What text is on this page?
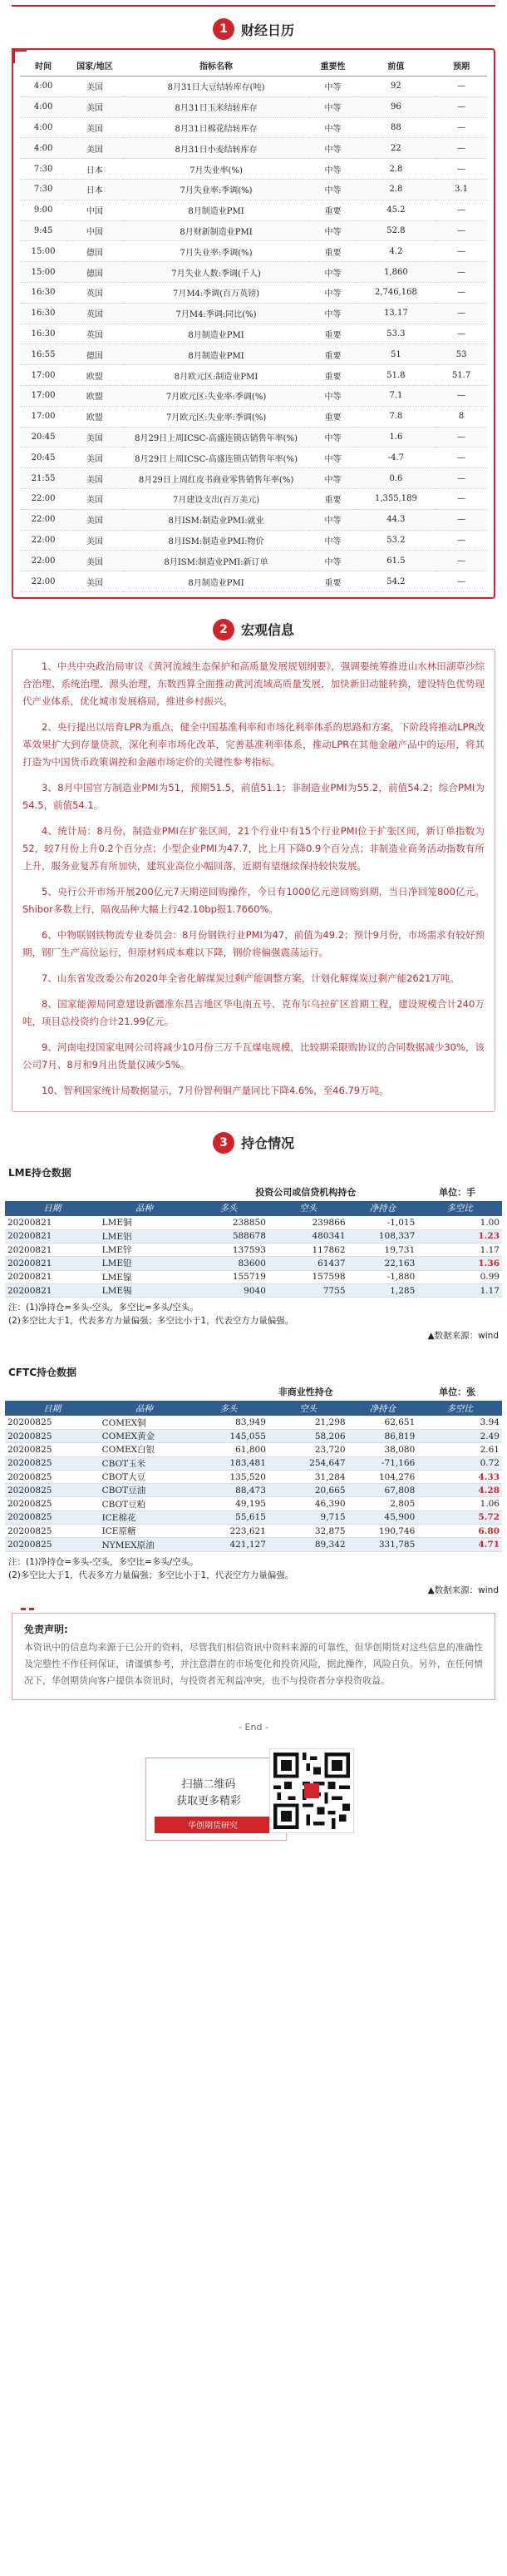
1	财经日历
时间	国家/地区	指标名称	重要性	前值	预期
4:00	美国	8月31日大豆结转库存(吨)	中等	92	—
4:00	美国	8月31日玉米结转库存	中等	96	—
4:00	美国	8月31日棉花结转库存	中等	88	—
4:00	美国	8月31日小麦结转库存	中等	22	—
7:30	日本	7月失业率(%)	中等	2.8	—
7:30	日本	7月失业率:季调(%)	中等	2.8	3.1
9:00	中国	8月制造业PMI	重要	45.2	—
9:45	中国	8月财新制造业PMI	中等	52.8	—
15:00	德国	7月失业率:季调(%)	重要	4.2	—
15:00	德国	7月失业人数:季调(千人)	中等	1,860	—
16:30	英国	7月M4:季调(百万英镑)	中等	2,746,168	—
16:30	英国	7月M4:季调:同比(%)	中等	13.17	—
16:30	英国	8月制造业PMI	重要	53.3	—
16:55	德国	8月制造业PMI	重要	51	53
17:00	欧盟	8月欧元区:制造业PMI	重要	51.8	51.7
17:00	欧盟	7月欧元区:失业率:季调(%)	中等	7.1	—
17:00	欧盟	7月欧元区:失业率:季调(%)	重要	7.8	8
20:45	美国	8月29日上周ICSC-高盛连锁店销售年率(%)	中等	1.6	—
20:45	美国	8月29日上周ICSC-高盛连锁店销售年率(%)	中等	-4.7	—
21:55	美国	8月29日上周红皮书商业零售销售年率(%)	中等	0.6	—
22:00	美国	7月建设支出(百万美元)	重要	1,355,189	—
22:00	美国	8月ISM:制造业PMI:就业	中等	44.3	—
22:00	美国	8月ISM:制造业PMI:物价	中等	53.2	—
22:00	美国	8月ISM:制造业PMI:新订单	中等	61.5	—
22:00	美国	8月制造业PMI	重要	54.2	—
2	宏观信息

1、中共中央政治局审议《黄河流域生态保护和高质量发展规划纲要》，强调要统筹推进山水林田湖草沙综合治理、系统治理、源头治理，东数西算全面推动黄河流域高质量发展，加快新旧动能转换，建设特色优势现代产业体系，优化城市发展格局，推进乡村振兴。

2、央行提出以培育LPR为重点，健全中国基准利率和市场化利率体系的思路和方案，下阶段将推动LPR改革效果扩大到存量贷款，深化利率市场化改革，完善基准利率体系，推动LPR在其他金融产品中的运用，将其打造为中国货币政策调控和金融市场定价的关键性参考指标。

3、8月中国官方制造业PMI为51，预期51.5，前值51.1；非制造业PMI为55.2，前值54.2；综合PMI为54.5，前值54.1。

4、统计局：8月份，制造业PMI在扩张区间，21个行业中有15个行业PMI位于扩张区间，新订单指数为52，较7月份上升0.2个百分点；小型企业PMI为47.7，比上月下降0.9个百分点；非制造业商务活动指数有所上升，服务业复苏有所加快，建筑业高位小幅回落，近期有望继续保持较快发展。

5、央行公开市场开展200亿元7天期逆回购操作，今日有1000亿元逆回购到期，当日净回笼800亿元。Shibor多数上行，隔夜品种大幅上行42.10bp报1.7660%。

6、中物联钢铁物流专业委员会：8月份钢铁行业PMI为47，前值为49.2；预计9月份，市场需求有较好预期，钢厂生产高位运行，但原材料成本难以下降，钢价将偏强震荡运行。

7、山东省发改委公布2020年全省化解煤炭过剩产能调整方案，计划化解煤炭过剩产能2621万吨。

8、国家能源局同意建设新疆准东昌吉地区华电南五号、克布尔乌拉矿区首期工程，建设规模合计240万吨，项目总投资约合计21.99亿元。

9、河南电投国家电网公司将减少10月份三万千瓦煤电规模，比较期采限购协议的合同数据减少30%，该公司7月、8月和9月出货量仅减少5%。

10、智利国家统计局数据显示，7月份智利铜产量同比下降4.6%，至46.79万吨。

3	持仓情况
LME持仓数据
投资公司或信贷机构持仓	单位：手
日期	品种	多头	空头	净持仓	多空比
20200821	LME铜	238850	239866	-1,015	1.00
20200821	LME铝	588678	480341	108,337	1.23
20200821	LME锌	137593	117862	19,731	1.17
20200821	LME铅	83600	61437	22,163	1.36
20200821	LME镍	155719	157598	-1,880	0.99
20200821	LME锡	9040	7755	1,285	1.17
注：(1)净持仓=多头-空头，多空比=多头/空头。
(2)多空比大于1，代表多方力量偏强；多空比小于1，代表空方力量偏强。
▲数据来源：wind
CFTC持仓数据
非商业性持仓	单位：张
日期	品种	多头	空头	净持仓	多空比
20200825	COMEX铜	83,949	21,298	62,651	3.94
20200825	COMEX黄金	145,055	58,206	86,819	2.49
20200825	COMEX白银	61,800	23,720	38,080	2.61
20200825	CBOT玉米	183,481	254,647	-71,166	0.72
20200825	CBOT大豆	135,520	31,284	104,276	4.33
20200825	CBOT豆油	88,473	20,665	67,808	4.28
20200825	CBOT豆粕	49,195	46,390	2,805	1.06
20200825	ICE棉花	55,615	9,715	45,900	5.72
20200825	ICE原糖	223,621	32,875	190,746	6.80
20200825	NYMEX原油	421,127	89,342	331,785	4.71
注：(1)净持仓=多头-空头，多空比=多头/空头。
(2)多空比大于1，代表多方力量偏强；多空比小于1，代表空方力量偏强。
▲数据来源：wind
免责声明:

本资讯中的信息均来源于已公开的资料，尽管我们相信资讯中资料来源的可靠性，但华创期货对这些信息的准确性及完整性不作任何保证，请谨慎参考，并注意潜在的市场变化和投资风险，据此操作，风险自负。另外，在任何情况下，华创期货向客户提供本资讯时，与投资者无利益冲突，也不与投资者分享投资收益。

- End -
扫描二维码
获取更多精彩
华创期货研究
